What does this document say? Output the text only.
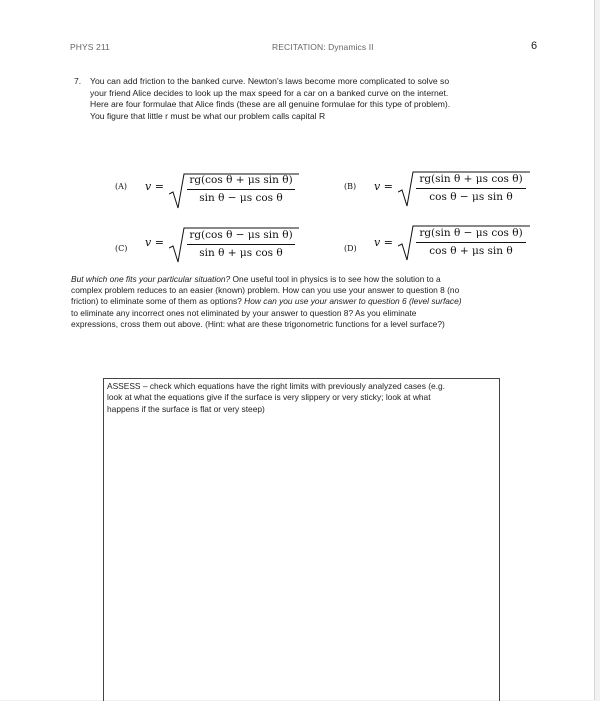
PHYS 211	RECITATION: Dynamics II	6
7. You can add friction to the banked curve. Newton's laws become more complicated to solve so
your friend Alice decides to look up the max speed for a car on a banked curve on the internet.
Here are four formulae that Alice finds (these are all genuine formulae for this type of problem).
You figure that little r must be what our problem calls capital R
(A) v =	rg(cos θ + μs sin θ)
sin θ − μs cos θ
(B) v =
rg(sin θ + μs cos θ)
cos θ − μs sin θ
(C) v =
rg(cos θ − μs sin θ)
sin θ + μs cos θ	(D) v =
rg(sin θ − μs cos θ)
cos θ + μs sin θ
But which one fits your particular situation? One useful tool in physics is to see how the solution to a
complex problem reduces to an easier (known) problem. How can you use your answer to question 8 (no
friction) to eliminate some of them as options? How can you use your answer to question 6 (level surface)
to eliminate any incorrect ones not eliminated by your answer to question 8? As you eliminate
expressions, cross them out above. (Hint: what are these trigonometric functions for a level surface?)
ASSESS – check which equations have the right limits with previously analyzed cases (e.g.
look at what the equations give if the surface is very slippery or very sticky; look at what
happens if the surface is flat or very steep)
